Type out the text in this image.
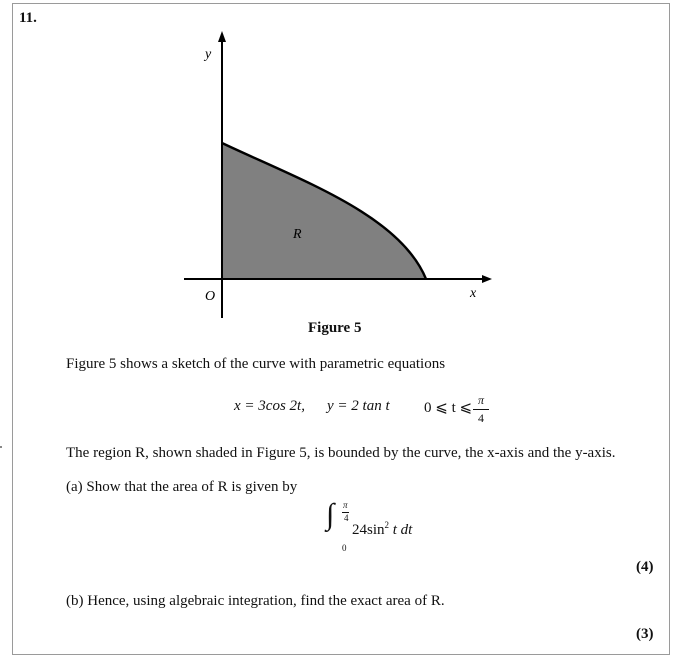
11.
y
x
O
R
Figure 5
Figure 5 shows a sketch of the curve with parametric equations
x = 3cos 2t, y = 2 tan t 0 ⩽ t ⩽ π
4
The region R, shown shaded in Figure 5, is bounded by the curve, the x-axis and the y-axis.
(a) Show that the area of R is given by
∫ π
4
0
$24\sin^2$ t dt
(4)
(b) Hence, using algebraic integration, find the exact area of R.
(3)
